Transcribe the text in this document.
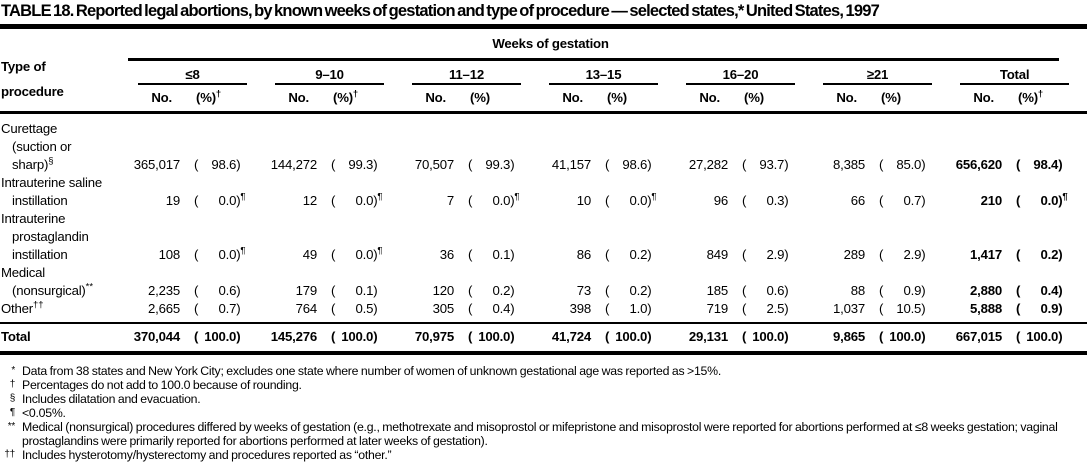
TABLE 18. Reported legal abortions, by known weeks of gestation and type of procedure — selected states,* United States, 1997
Type of
procedure	Weeks of gestation													

	≤8		9–10		11–12		13–15		16–20		≥21		Total	

	No.	(%)†	No.	(%)†	No.	(%)	No.	(%)	No.	(%)	No.	(%)	No.	(%)†

Curettage
(suction or
sharp)§	365,017	( 98.6)	144,272	( 99.3)	70,507	( 99.3)	41,157	( 98.6)	27,282	( 93.7)	8,385	( 85.0)	656,620	( 98.4)

Intrauterine saline
instillation	19	( 0.0)¶	12	( 0.0)¶	7	( 0.0)¶	10	( 0.0)¶	96	( 0.3)	66	( 0.7)	210	( 0.0)¶

Intrauterine
prostaglandin
instillation	108	( 0.0)¶	49	( 0.0)¶	36	( 0.1)	86	( 0.2)	849	( 2.9)	289	( 2.9)	1,417	( 0.2)

Medical
(nonsurgical)**	2,235	( 0.6)	179	( 0.1)	120	( 0.2)	73	( 0.2)	185	( 0.6)	88	( 0.9)	2,880	( 0.4)

Other††	2,665	( 0.7)	764	( 0.5)	305	( 0.4)	398	( 1.0)	719	( 2.5)	1,037	( 10.5)	5,888	( 0.9)
Total	370,044	( 100.0)	145,276	( 100.0)	70,975	( 100.0)	41,724	( 100.0)	29,131	( 100.0)	9,865	( 100.0)	667,015	( 100.0)
* Data from 38 states and New York City; excludes one state where number of women of unknown gestational age was reported as >15%.
† Percentages do not add to 100.0 because of rounding.
§ Includes dilatation and evacuation.
¶ <0.05%.
** Medical (nonsurgical) procedures differed by weeks of gestation (e.g., methotrexate and misoprostol or mifepristone and misoprostol were reported for abortions performed at ≤8 weeks gestation; vaginal prostaglandins were primarily reported for abortions performed at later weeks of gestation).
†† Includes hysterotomy/hysterectomy and procedures reported as “other.”
